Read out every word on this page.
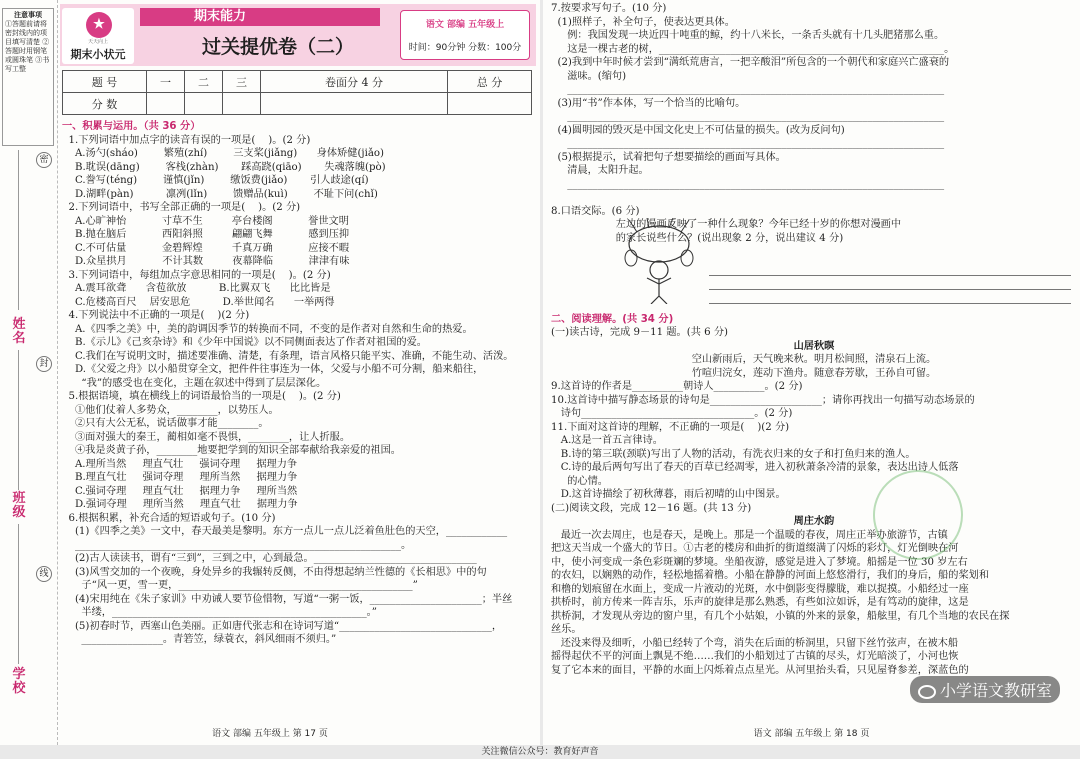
注意事项
①答题前请将密封线内的项目填写清楚 ②答题时用钢笔或圆珠笔 ③书写工整
姓名
班级
学校
密
封
线
★
天天向上
期末小状元
期末能力
过关提优卷（二）
语文 部编 五年级上
时间：90分钟 分数：100分
题 号	一	二	三	卷面分 4 分	总 分
分 数					
一、积累与运用。（共 36 分）
1.下列词语中加点字的读音有误的一项是(    )。(2 分)
A.汤勺(sháo)        繁殖(zhí)        三支桨(jiǎng)      身体矫健(jiǎo)
B.耽误(dāng)        客栈(zhàn)       踩高跷(qiāo)       失魂落魄(pò)
C.誊写(téng)        谨慎(jǐn)        缴饭费(jiǎo)       引人歧途(qí)
D.湖畔(pàn)          凛冽(lǐn)        馈赠品(kuì)        不耻下问(chǐ)
2.下列词语中，书写全部正确的一项是(    )。(2 分)
A.心旷神怡           寸草不生         亭台楼阁           誉世文明
B.抛在脑后           西阳斜照         翩翩飞舞           感到压抑
C.不可估量           金碧辉煌         千真万确           应接不暇
D.众星拱月           不计其数         夜幕降临           津津有味
3.下列词语中，每组加点字意思相同的一项是(    )。(2 分)
A.震耳欲聋      含苞欲放          B.比翼双飞      比比皆是
C.危楼高百尺    居安思危          D.举世闻名      一举两得
4.下列说法中不正确的一项是(    )(2 分)
A.《四季之美》中，美的韵调因季节的转换而不同，不变的是作者对自然和生命的热爱。
B.《示儿》《己亥杂诗》和《少年中国说》以不同侧面表达了作者对祖国的爱。
C.我们在写说明文时，描述要准确、清楚，有条理，语言风格只能平实、准确，不能生动、活泼。
D.《父爱之舟》以小船贯穿全文，把件件往事连为一体，父爱与小船不可分割，船来船往，
“我”的感受也在变化，主题在叙述中得到了层层深化。
5.根据语境，填在横线上的词语最恰当的一项是(    )。(2 分)
①他们仗着人多势众，________，以势压人。
②只有大公无私，说话做事才能________。
③面对强大的秦王，蔺相如毫不畏惧，________，让人折服。
④我是炎黄子孙，________地要把学到的知识全部奉献给我亲爱的祖国。
A.理所当然     理直气壮     强词夺理     据理力争
B.理直气壮     强词夺理     理所当然     据理力争
C.强词夺理     理直气壮     据理力争     理所当然
D.强词夺理     理所当然     理直气壮     据理力争
6.根据积累，补充合适的短语或句子。(10 分)
(1)《四季之美》一文中，春天最美是黎明。东方一点儿一点儿泛着鱼肚色的天空，____________
________________________________________________________________。
(2)古人读读书，谓有“三到”，三到之中，心到最急。________________________________
(3)风雪交加的一个夜晚，身处异乡的我辗转反侧，不由得想起纳兰性德的《长相思》中的句
子“风一更，雪一更，______________________________________________”
(4)宋用纯在《朱子家训》中劝诫人要节俭惜物，写道“一粥一饭，______________________；半丝
半缕，__________________________________________________。”
(5)初春时节，西塞山色美丽。正如唐代张志和在诗词写道“______________________________，
________________。青箬笠，绿蓑衣，斜风细雨不须归。”
语文 部编 五年级上 第 17 页
7.按要求写句子。(10 分)
(1)照样子，补全句子，使表达更具体。
例：我国发现一块近四十吨重的鲸，约十八米长，一条舌头就有十几头肥猪那么重。
这是一棵古老的树，________________________________________________________。
(2)我到中年时候才尝到“满纸荒唐言，一把辛酸泪”所包含的一个朝代和家庭兴亡盛衰的
滋味。(缩句)
__________________________________________________________________________
(3)用“书”作本体，写一个恰当的比喻句。
__________________________________________________________________________
(4)圆明园的毁灭是中国文化史上不可估量的损失。(改为反问句)
__________________________________________________________________________
(5)根据提示，试着把句子想要描绘的画面写具体。
清晨，太阳升起。
__________________________________________________________________________
8.口语交际。(6 分)
左边的漫画反映了一种什么现象？今年已经十岁的你想对漫画中
的家长说些什么？(说出现象 2 分，说出建议 4 分)
二、阅读理解。(共 34 分)
(一)读古诗，完成 9－11 题。(共 6 分)
山居秋暝
空山新雨后，天气晚来秋。明月松间照，清泉石上流。
竹喧归浣女，莲动下渔舟。随意春芳歇，王孙自可留。
9.这首诗的作者是__________朝诗人__________。(2 分)
10.这首诗中描写静态场景的诗句是______________________；请你再找出一句描写动态场景的
诗句__________________________________。(2 分)
11.下面对这首诗的理解，不正确的一项是(    )(2 分)
A.这是一首五言律诗。
B.诗的第三联(颈联)写出了人物的活动，有洗衣归来的女子和打鱼归来的渔人。
C.诗的最后两句写出了春天的百草已经凋零，进入初秋萧条冷清的景象，表达出诗人低落
的心情。
D.这首诗描绘了初秋薄暮，雨后初晴的山中图景。
(二)阅读文段，完成 12－16 题。(共 13 分)
周庄水韵
最近一次去周庄，也是春天，是晚上。那是一个温暖的春夜，周庄正举办旅游节，古镇
把这天当成一个盛大的节日。①古老的楼房和曲折的街道缀满了闪烁的彩灯，灯光倒映在河
中，使小河变成一条色彩斑斓的梦境。坐船夜游，感觉是进入了梦境。船摇是一位 30 岁左右
的农妇，以娴熟的动作，轻松地摇着橹。小船在静静的河面上悠悠滑行，我们的身后，船的桨划和
和橹的划痕留在水面上，变成一片液动的光斑，水中倒影变得朦胧，难以捉摸。小船经过一座
拱桥时，前方传来一阵吉乐，乐声的旋律是那么熟悉，有些如泣如诉，是有笃动的旋律，这是
拱桥洞，才发现从旁边的窗户里，有几个小姑娘，小镇的外来的景象，船舷里，有几个当地的农民在探
丝乐。
还没来得及细听，小船已经转了个弯，消失在后面的桥洞里，只留下丝竹弦声，在被木船
摇得起伏不平的河面上飘晃不绝……我们的小船划过了古镇的尽头，灯光暗淡了，小河也恢
复了它本来的面目，平静的水面上闪烁着点点星光。从河里抬头看，只见屋脊参差，深蓝色的
小学语文教研室
语文 部编 五年级上 第 18 页
关注微信公众号：教育好声音
